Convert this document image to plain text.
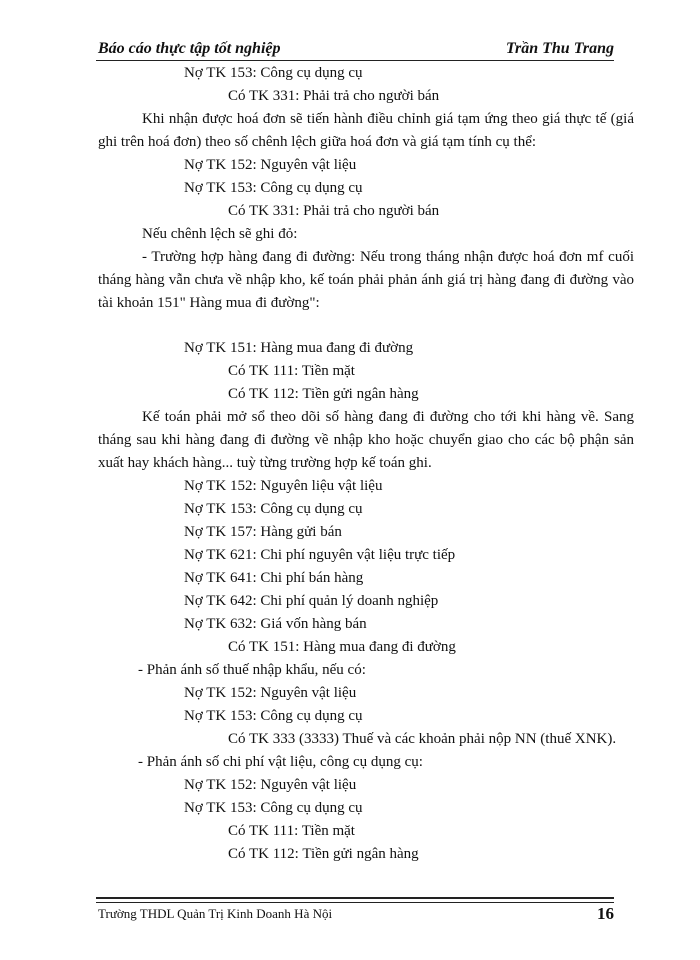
Báo cáo thực tập tốt nghiệp	Trần Thu Trang
Nợ TK 153: Công cụ dụng cụ
Có TK 331: Phải trả cho người bán

Khi nhận được hoá đơn sẽ tiến hành điều chỉnh giá tạm ứng theo giá thực tế (giá ghi trên hoá đơn) theo số chênh lệch giữa hoá đơn và giá tạm tính cụ thể:

Nợ TK 152: Nguyên vật liệu
Nợ TK 153: Công cụ dụng cụ
Có TK 331: Phải trả cho người bán
Nếu chênh lệch sẽ ghi đỏ:

- Trường hợp hàng đang đi đường: Nếu trong tháng nhận được hoá đơn mf cuối tháng hàng vẫn chưa về nhập kho, kế toán phải phản ánh giá trị hàng đang đi đường vào tài khoản 151" Hàng mua đi đường":

Nợ TK 151: Hàng mua đang đi đường
Có TK 111: Tiền mặt
Có TK 112: Tiền gửi ngân hàng

Kế toán phải mở sổ theo dõi số hàng đang đi đường cho tới khi hàng về. Sang tháng sau khi hàng đang đi đường về nhập kho hoặc chuyển giao cho các bộ phận sản xuất hay khách hàng... tuỳ từng trường hợp kế toán ghi.

Nợ TK 152: Nguyên liệu vật liệu
Nợ TK 153: Công cụ dụng cụ
Nợ TK 157: Hàng gửi bán
Nợ TK 621: Chi phí nguyên vật liệu trực tiếp
Nợ TK 641: Chi phí bán hàng
Nợ TK 642: Chi phí quản lý doanh nghiệp
Nợ TK 632: Giá vốn hàng bán
Có TK 151: Hàng mua đang đi đường
- Phản ánh số thuế nhập khẩu, nếu có:
Nợ TK 152: Nguyên vật liệu
Nợ TK 153: Công cụ dụng cụ
Có TK 333 (3333) Thuế và các khoản phải nộp NN (thuế XNK).
- Phản ánh số chi phí vật liệu, công cụ dụng cụ:
Nợ TK 152: Nguyên vật liệu
Nợ TK 153: Công cụ dụng cụ
Có TK 111: Tiền mặt
Có TK 112: Tiền gửi ngân hàng
Trường THDL Quản Trị Kinh Doanh Hà Nội	16
